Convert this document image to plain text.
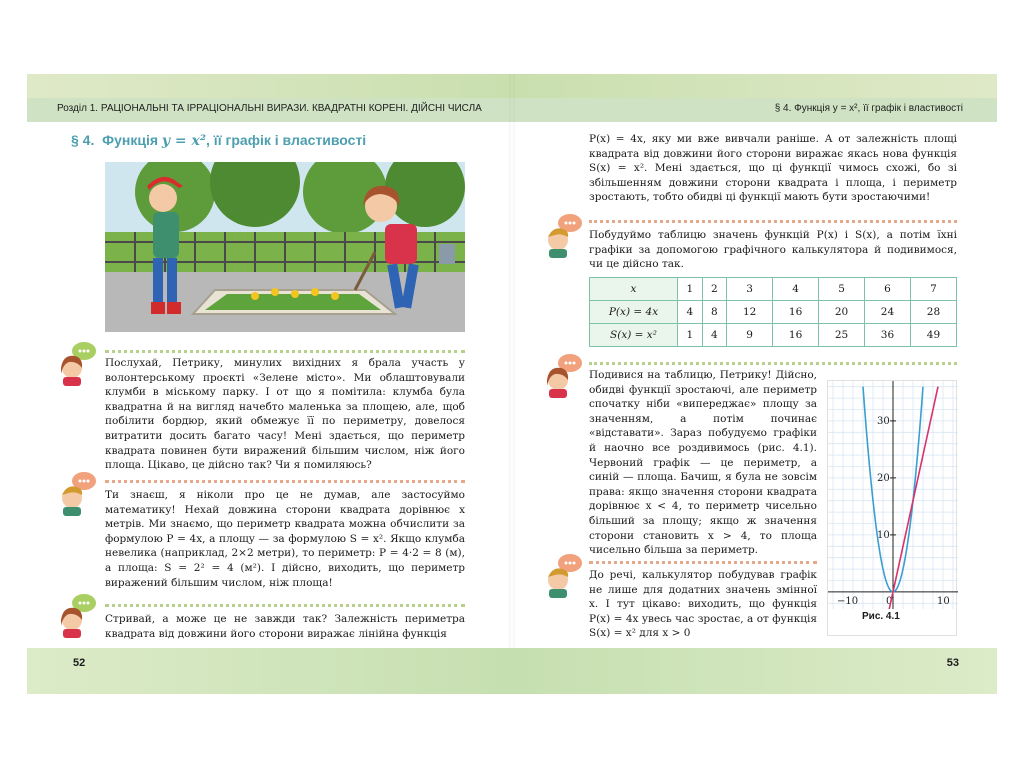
Розділ 1. РАЦІОНАЛЬНІ ТА ІРРАЦІОНАЛЬНІ ВИРАЗИ. КВАДРАТНІ КОРЕНІ. ДІЙСНІ ЧИСЛА	§ 4. Функція y = x², її графік і властивості
§ 4. Функція y = x², її графік і властивості
Послухай, Петрику, минулих вихідних я брала участь у волонтерському проєкті «Зелене місто». Ми облаштовували клумби в міському парку. І от що я помітила: клумба була квадратна й на вигляд начебто маленька за площею, але, щоб побілити бордюр, який обмежує її по периметру, довелося витратити досить багато часу! Мені здається, що периметр квадрата повинен бути виражений більшим числом, ніж його площа. Цікаво, це дійсно так? Чи я помиляюсь?
Ти знаєш, я ніколи про це не думав, але застосуймо математику! Нехай довжина сторони квадрата дорівнює x метрів. Ми знаємо, що периметр квадрата можна обчислити за формулою P = 4x, а площу — за формулою S = x². Якщо клумба невелика (наприклад, 2×2 метри), то периметр: P = 4·2 = 8 (м), а площа: S = 2² = 4 (м²). І дійсно, виходить, що периметр виражений більшим числом, ніж площа!
Стривай, а може це не завжди так? Залежність периметра квадрата від довжини його сторони виражає лінійна функція
P(x) = 4x, яку ми вже вивчали раніше. А от залежність площі квадрата від довжини його сторони виражає якась нова функція S(x) = x². Мені здається, що ці функції чимось схожі, бо зі збільшенням довжини сторони квадрата і площа, і периметр зростають, тобто обидві ці функції мають бути зростаючими!
Побудуймо таблицю значень функцій P(x) і S(x), а потім їхні графіки за допомогою графічного калькулятора й подивимося, чи це дійсно так.
x	1	2	3	4	5	6	7
P(x) = 4x	4	8	12	16	20	24	28
S(x) = x²	1	4	9	16	25	36	49
Подивися на таблицю, Петрику! Дійсно, обидві функції зростаючі, але периметр спочатку ніби «випереджає» площу за значенням, а потім починає «відставати». Зараз побудуємо графіки й наочно все роздивимось (рис. 4.1). Червоний графік — це периметр, а синій — площа. Бачиш, я була не зовсім права: якщо значення сторони квадрата дорівнює x < 4, то периметр чисельно більший за площу; якщо ж значення сторони становить x > 4, то площа чисельно більша за периметр.
До речі, калькулятор побудував графік не лише для додатних значень змінної x. І тут цікаво: виходить, що функція P(x) = 4x увесь час зростає, а от функція S(x) = x² для x > 0
−10	0	10
10
20
30
Рис. 4.1
52	53
